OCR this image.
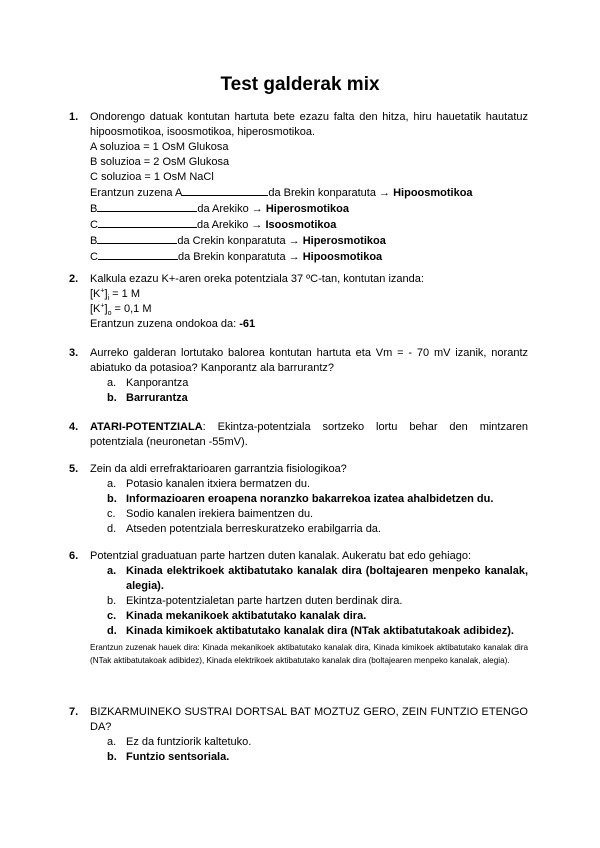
Test galderak mix
1. Ondorengo datuak kontutan hartuta bete ezazu falta den hitza, hiru hauetatik hautatuz hipoosmotikoa, isoosmotikoa, hiperosmotikoa.
A soluzioa = 1 OsM Glukosa
B soluzioa = 2 OsM Glukosa
C soluzioa = 1 OsM NaCl
Erantzun zuzena A	da Brekin konparatuta → Hipoosmotikoa
B	da Arekiko → Hiperosmotikoa
C	da Arekiko → Isoosmotikoa
B	da Crekin konparatuta → Hiperosmotikoa
C	da Brekin konparatuta → Hipoosmotikoa
2. Kalkula ezazu K+-aren oreka potentziala 37 ºC-tan, kontutan izanda:
$[K^+]_i = 1$ M
$[K^+]_o = 0,1$ M
Erantzun zuzena ondokoa da: -61
3. Aurreko galderan lortutako balorea kontutan hartuta eta Vm = - 70 mV izanik, norantz abiatuko da potasioa? Kanporantz ala barrurantz?
a. Kanporantza
b. Barrurantza
4. ATARI-POTENTZIALA: Ekintza-potentziala sortzeko lortu behar den mintzaren potentziala (neuronetan -55mV).
5. Zein da aldi errefraktarioaren garrantzia fisiologikoa?
a. Potasio kanalen itxiera bermatzen du.
b. Informazioaren eroapena noranzko bakarrekoa izatea ahalbidetzen du.
c. Sodio kanalen irekiera baimentzen du.
d. Atseden potentziala berreskuratzeko erabilgarria da.
6. Potentzial graduatuan parte hartzen duten kanalak. Aukeratu bat edo gehiago:
a. Kinada elektrikoek aktibatutako kanalak dira (boltajearen menpeko kanalak, alegia).
b. Ekintza-potentzialetan parte hartzen duten berdinak dira.
c. Kinada mekanikoek aktibatutako kanalak dira.
d. Kinada kimikoek aktibatutako kanalak dira (NTak aktibatutakoak adibidez).
Erantzun zuzenak hauek dira: Kinada mekanikoek aktibatutako kanalak dira, Kinada kimikoek aktibatutako kanalak dira (NTak aktibatutakoak adibidez), Kinada elektrikoek aktibatutako kanalak dira (boltajearen menpeko kanalak, alegia).
7. BIZKARMUINEKO SUSTRAI DORTSAL BAT MOZTUZ GERO, ZEIN FUNTZIO ETENGO DA?
a. Ez da funtziorik kaltetuko.
b. Funtzio sentsoriala.
